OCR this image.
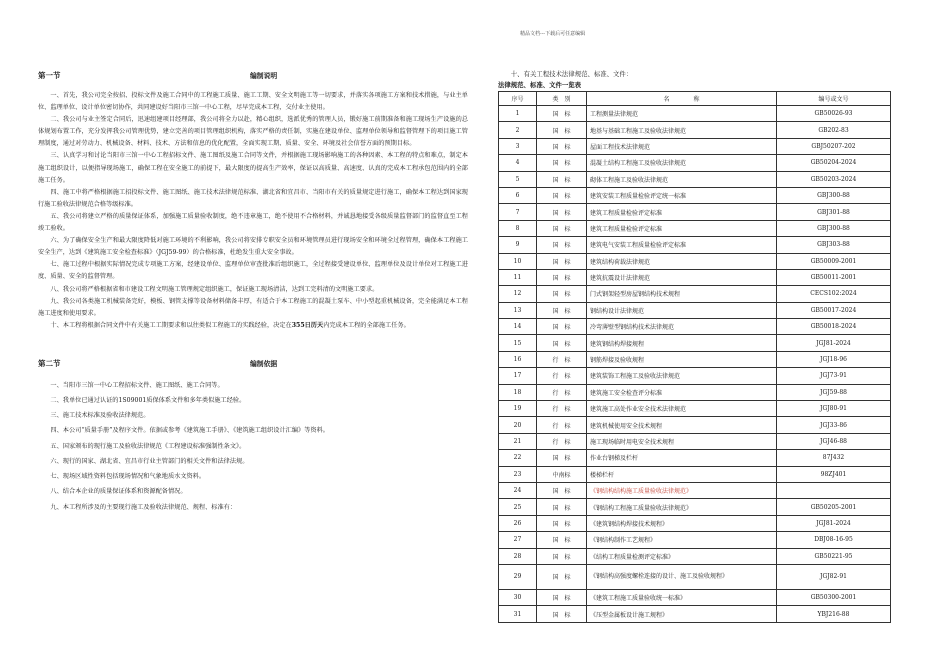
精品文档---下载后可任意编辑
第一节	编制说明

一、首先，我公司完全按招、投标文件及施工合同中的工程施工质量、施工工期、安全文明施工等一切要求，并落实各项施工方案和技术措施，与业主单位、监理单位、设计单位密切协作，共同建设好当阳市三馆一中心工程，尽早完成本工程，交付业主使用。

二、我公司与业主签定合同后，迅速组建项目经理部，我公司将全力以赴，精心组织，选派优秀的管理人员，锻好施工前期准备和施工现场生产设施的总体规划布置工作，充分发挥我公司管理优势，建立完善的项目管理组织机构，落实严格的责任制，实施在建设单位、监理单位领导和监督管理下的项目施工管理制度，通过对劳动力、机械设备、材料、技术、方法和信息的优化配置，全面实现工期、质量、安全、环境及社会信誉方面的预期目标。

三、认真学习和讨论当阳市三馆一中心工程招标文件、施工图纸及施工合同等文件，并根据施工现场影响施工的各种因素、本工程的特点和难点，制定本施工组织设计，以便指导现场施工，确保工程在安全施工的前提下，最大限度的提高生产效率，保证以高质量、高速度、认真的完成本工程承包范围内的全部施工任务。

四、施工中将严格根据施工招投标文件、施工图纸、施工技术法律规范标准、湖北省和宜昌市、当阳市有关的质量规定进行施工，确保本工程达到国家现行施工验收法律规范合格等级标准。

五、我公司将建立严格的质量保证体系，加强施工质量验收制度，绝不违章施工，绝不使用不合格材料，并诚恳地接受各级质量监督部门的监督直至工程竣工验收。

六、为了确保安全生产和最大限度降低对施工环境的不利影响，我公司将安排专职安全员和环境管理员进行现场安全和环境全过程管理，确保本工程施工安全生产，达到《建筑施工安全检查标准》（JGJ59-99）的合格标准，杜绝发生重大安全事故。

七、施工过程中根据实际情况完成专项施工方案，经建设单位、监理单位审查批准后组织施工，全过程接受建设单位、监理单位及设计单位对工程施工进度、质量、安全的监督管理。

八、我公司将严格根据省和市建设工程文明施工管理规定组织施工，保证施工现场清洁，达到工完料清的文明施工要求。

九、我公司各类施工机械装备完好，模板、钢管支撑等设备材料储备丰厚，有适合于本工程施工的混凝土泵车、中小型起重机械设备，完全能满足本工程施工进度和使用要求。

十、本工程将根据合同文件中有关施工工期要求和以往类似工程施工的实践经验，决定在355日历天内完成本工程的全部施工任务。

第二节	编制依据

一、当阳市三馆一中心工程招标文件、施工图纸、施工合同等。

二、我单位已通过认证的1S09001质保体系文件和多年类似施工经验。

三、施工技术标准及验收法律规范。

四、本公司“质量手册”及程序文件。依据或参考《建筑施工手册》、《建筑施工组织设计汇编》等资料。

五、国家颁布的现行施工及验收法律规范《工程建设标准强制性条文》。

六、现行的国家、湖北省、宜昌市行业主管部门的相关文件和法律法规。

七、现场区域性资料包括现场情况和气象地质水文资料。

八、结合本企业的质量保证体系和资源配备情况。

九、本工程所涉及的主要现行施工及验收法律规范、规程、标准有：

十、有关工程技术法律规范、标准、文件：
法律规范、标准、文件一览表
序号	类　别	名　　　　称	编号或文号
1	国　标	工程测量法律规范	GB50026-93
2	国　标	地基与基础工程施工及验收法律规范	GB202-83
3	国　标	屋面工程技术法律规范	GBJ50207-202
4	国　标	混凝土结构工程施工及验收法律规范	GB50204-2024
5	国　标	砌体工程施工及验收法律规范	GB50203-2024
6	国　标	建筑安装工程质量检验评定统一标准	GBJ300-88
7	国　标	建筑工程质量检验评定标准	GBJ301-88
8	国　标	建筑工程质量检验评定标准	GBJ300-88
9	国　标	建筑电气安装工程质量检验评定标准	GBJ303-88
10	国　标	建筑结构荷载法律规范	GB50009-2001
11	国　标	建筑抗震设计法律规范	GB50011-2001
12	国　标	门式钢架轻型房屋钢结构技术规程	CECS102:2024
13	国　标	钢结构设计法律规范	GB50017-2024
14	国　标	冷弯薄壁型钢结构技术法律规范	GB50018-2024
15	国　标	建筑钢结构焊接规程	JGJ81-2024
16	行　标	钢筋焊接及验收规程	JGJ18-96
17	行　标	建筑装饰工程施工及验收法律规范	JGJ73-91
18	行　标	建筑施工安全检查评分标准	JGJ59-88
19	行　标	建筑施工高处作业安全技术法律规范	JGJ80-91
20	行　标	建筑机械使用安全技术规程	JGJ33-86
21	行　标	施工现场临时用电安全技术规程	JGJ46-88
22	国　标	作业台钢梯及栏杆	87J432
23	中南标	楼梯栏杆	98ZJ401
24	国　标	《钢结构结构施工质量验收法律规范》	
25	国　标	《钢结构工程施工质量验收法律规范》	GB50205-2001
26	国　标	《建筑钢结构焊接技术规程》	JGJ81-2024
27	国　标	《钢结构制作工艺规程》	DBJ08-16-95
28	国　标	《结构工程质量检测评定标准》	GB50221-95
29	国　标	《钢结构高强度螺栓连接的设计、施工及验收规程》	JGJ82-91
30	国　标	《建筑工程施工质量验收统一标准》	GB50300-2001
31	国　标	《压型金属板设计施工规程》	YBJ216-88
